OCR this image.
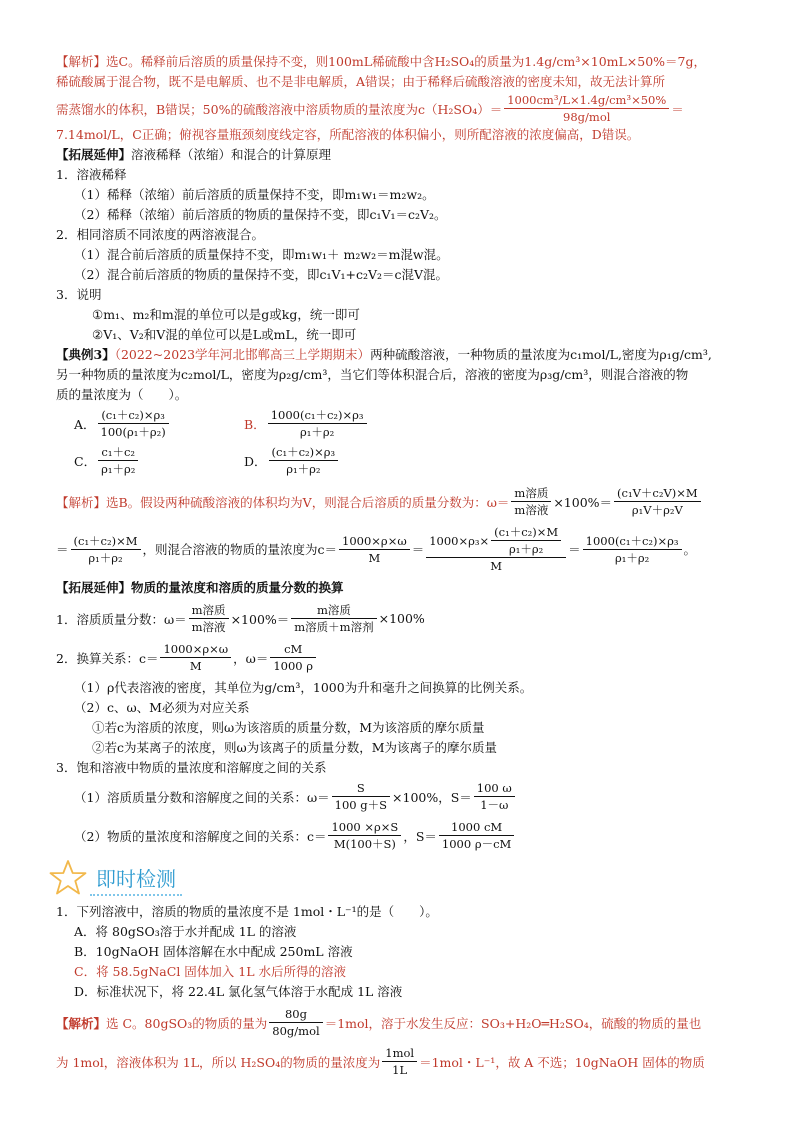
【解析】选C。稀释前后溶质的质量保持不变，则100mL稀硫酸中含H₂SO₄的质量为1.4g/cm³×10mL×50%＝7g，
稀硫酸属于混合物，既不是电解质、也不是非电解质，A错误；由于稀释后硫酸溶液的密度未知，故无法计算所
需蒸馏水的体积，B错误；50%的硫酸溶液中溶质物质的量浓度为$c(H_2SO_4)= \frac{\text{1000cm³/L×1.4g/cm³×50\%}}{\text{98g/mol}}$ ＝
7.14mol/L，C正确；俯视容量瓶颈刻度线定容，所配溶液的体积偏小，则所配溶液的浓度偏高，D错误。
【拓展延伸】溶液稀释（浓缩）和混合的计算原理
1．溶液稀释
（1）稀释（浓缩）前后溶质的质量保持不变，即m₁w₁＝m₂w₂。
（2）稀释（浓缩）前后溶质的物质的量保持不变，即c₁V₁＝c₂V₂。
2．相同溶质不同浓度的两溶液混合。
（1）混合前后溶质的质量保持不变，即m₁w₁＋ m₂w₂＝m混w混。
（2）混合前后溶质的物质的量保持不变，即c₁V₁+c₂V₂＝c混V混。
3．说明
①m₁、m₂和m混的单位可以是g或kg，统一即可
②V₁、V₂和V混的单位可以是L或mL，统一即可
【典例3】（2022~2023学年河北邯郸高三上学期期末）两种硫酸溶液，一种物质的量浓度为c₁mol/L,密度为ρ₁g/cm³,
另一种物质的量浓度为c₂mol/L，密度为ρ₂g/cm³，当它们等体积混合后，溶液的密度为ρ₃g/cm³，则混合溶液的物
质的量浓度为（　　）。
A． $\frac{\text{(c₁＋c₂)×ρ₃}}{\text{100(ρ₁＋ρ₂)}}$	B． $\frac{\text{1000(c₁＋c₂)×ρ₃}}{\text{ρ₁＋ρ₂}}$
C． $\frac{\text{c₁＋c₂}}{\text{ρ₁＋ρ₂}}$	D． $\frac{\text{(c₁＋c₂)×ρ₃}}{\text{ρ₁＋ρ₂}}$
【解析】选B。假设两种硫酸溶液的体积均为V，则混合后溶质的质量分数为：$\omega= \frac{\text{m溶质}}{\text{m溶液}} \times 100\%= \frac{\text{(c₁V＋c₂V)×M}}{\text{ρ₁V＋ρ₂V}}$
＝ $\frac{\text{(c₁＋c₂)×M}}{\text{ρ₁＋ρ₂}}$ ，则混合溶液的物质的量浓度为$c= \frac{1000\times\rho\times\omega}{M} = \frac{1000\times\rho_3\times \frac{\text{(c₁＋c₂)×M}}{\text{ρ₁＋ρ₂}}}{M} = \frac{\text{1000(c₁＋c₂)×ρ₃}}{\text{ρ₁＋ρ₂}}$ 。
【拓展延伸】物质的量浓度和溶质的质量分数的换算
1．溶质质量分数：$\omega= \frac{\text{m溶质}}{\text{m溶液}} \times 100\%= \frac{\text{m溶质}}{\text{m溶质＋m溶剂}} \times 100\%$
2．换算关系：$c= \frac{1000\times\rho\times\omega}{M}$ ，$\omega= \frac{cM}{1000 \rho}$
（1）ρ代表溶液的密度，其单位为g/cm³，1000为升和毫升之间换算的比例关系。
（2）c、ω、M必须为对应关系
①若c为溶质的浓度，则ω为该溶质的质量分数，M为该溶质的摩尔质量
②若c为某离子的浓度，则ω为该离子的质量分数，M为该离子的摩尔质量
3．饱和溶液中物质的量浓度和溶解度之间的关系
（1）溶质质量分数和溶解度之间的关系：$\omega= \frac{S}{100 g+S} \times 100\%$，$S= \frac{100 \omega}{1-\omega}$
（2）物质的量浓度和溶解度之间的关系：$c= \frac{1000 \times\rho\times S}{M(100+S)}$ ，$S= \frac{1000 cM}{1000 \rho-cM}$
即时检测
1．下列溶液中，溶质的物质的量浓度不是 1mol・L⁻¹的是（　　）。
A．将 80gSO₃溶于水并配成 1L 的溶液
B．10gNaOH 固体溶解在水中配成 250mL 溶液
C．将 58.5gNaCl 固体加入 1L 水后所得的溶液
D．标准状况下，将 22.4L 氯化氢气体溶于水配成 1L 溶液
【解析】 选 C。80gSO₃的物质的量为 $\frac{80g}{\text{80g/mol}} =1mol$，溶于水发生反应：SO₃+H₂O═H₂SO₄，硫酸的物质的量也
为 1mol，溶液体积为 1L，所以 H₂SO₄的物质的量浓度为 $\frac{\text{1mol}}{1L} =1mol$・L⁻¹，故 A 不选；10gNaOH 固体的物质
